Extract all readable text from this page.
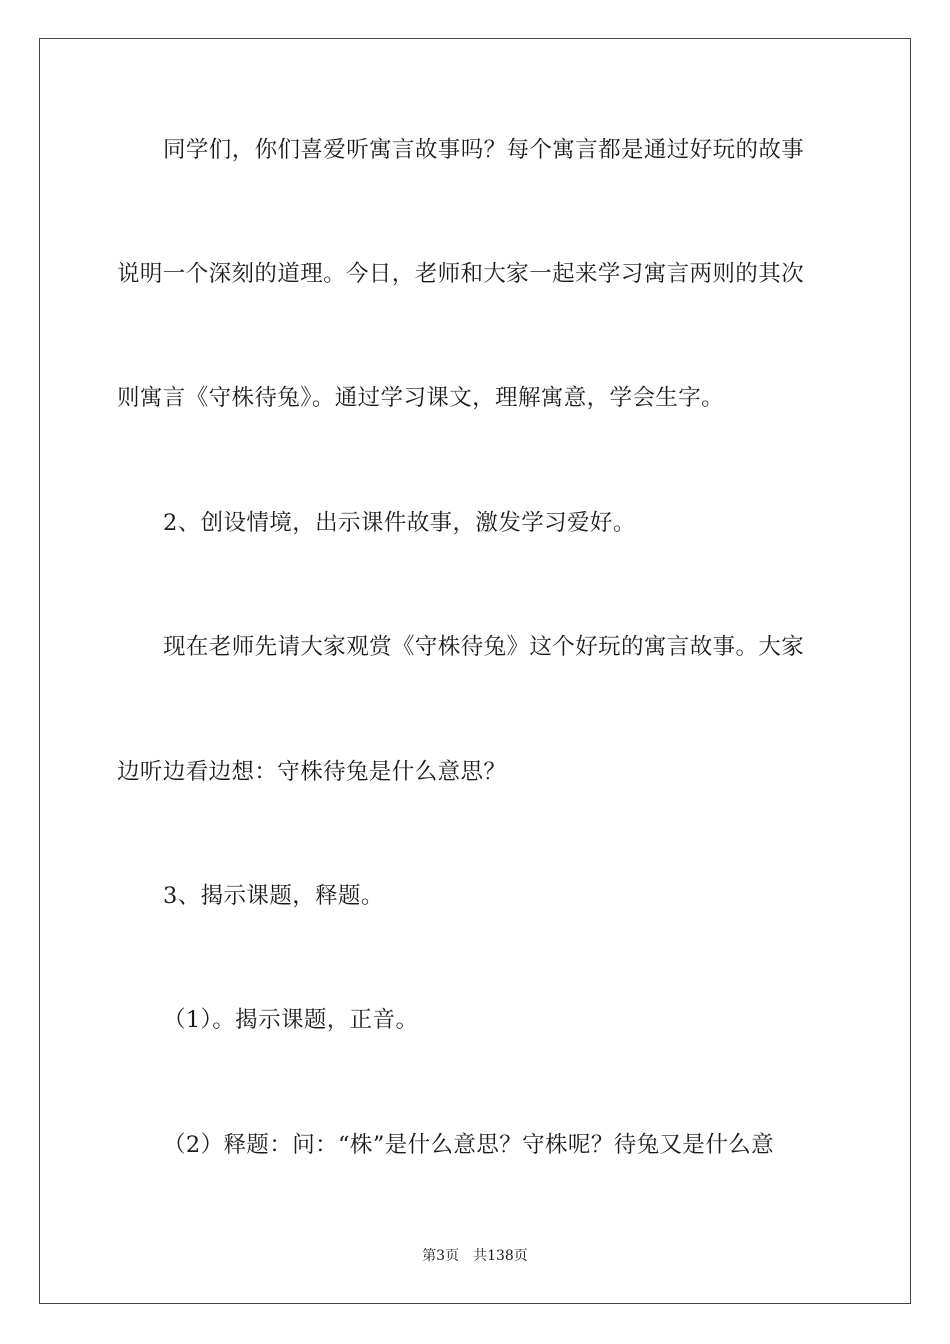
同学们，你们喜爱听寓言故事吗？每个寓言都是通过好玩的故事
说明一个深刻的道理。今日，老师和大家一起来学习寓言两则的其次
则寓言《守株待兔》。通过学习课文，理解寓意，学会生字。
2、创设情境，出示课件故事，激发学习爱好。
现在老师先请大家观赏《守株待兔》这个好玩的寓言故事。大家
边听边看边想：守株待兔是什么意思？
3、揭示课题，释题。
（1）。揭示课题，正音。
（2）释题：问：“株”是什么意思？守株呢？待兔又是什么意
第3页　共138页
